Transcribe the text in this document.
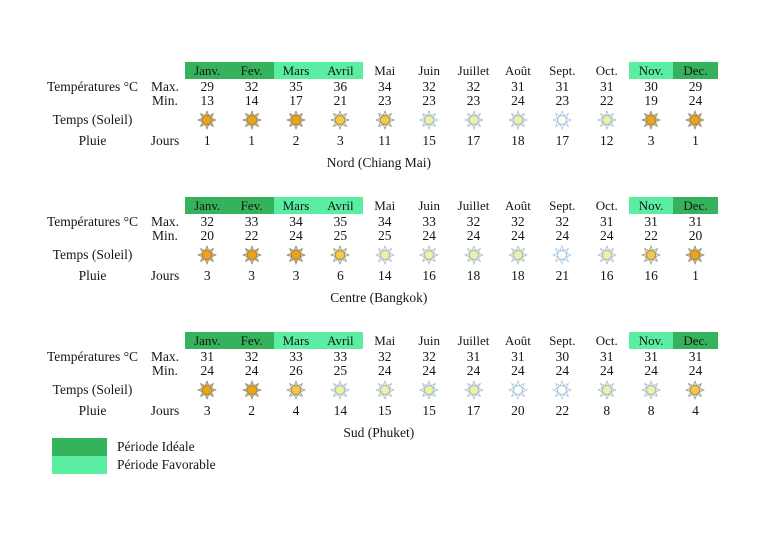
Janv.	Fev.	Mars	Avril	Mai	Juin	Juillet	Août	Sept.	Oct.	Nov.	Dec.
Températures °C Max.	29	32	35	36	34	32	32	31	31	31	30	29
Min.	13	14	17	21	23	23	23	24	23	22	19	24
Temps (Soleil)
Pluie	Jours	1	1	2	3	11	15	17	18	17	12	3	1
Nord (Chiang Mai)
Janv.	Fev.	Mars	Avril	Mai	Juin	Juillet	Août	Sept.	Oct.	Nov.	Dec.
Températures °C Max.	32	33	34	35	34	33	32	32	32	31	31	31
Min.	20	22	24	25	25	24	24	24	24	24	22	20
Temps (Soleil)
Pluie	Jours	3	3	3	6	14	16	18	18	21	16	16	1
Centre (Bangkok)
Janv.	Fev.	Mars	Avril	Mai	Juin	Juillet	Août	Sept.	Oct.	Nov.	Dec.
Températures °C Max.	31	32	33	33	32	32	31	31	30	31	31	31
Min.	24	24	26	25	24	24	24	24	24	24	24	24
Temps (Soleil)
Pluie	Jours	3	2	4	14	15	15	17	20	22	8	8	4
Sud (Phuket)
Période Idéale
Période Favorable
